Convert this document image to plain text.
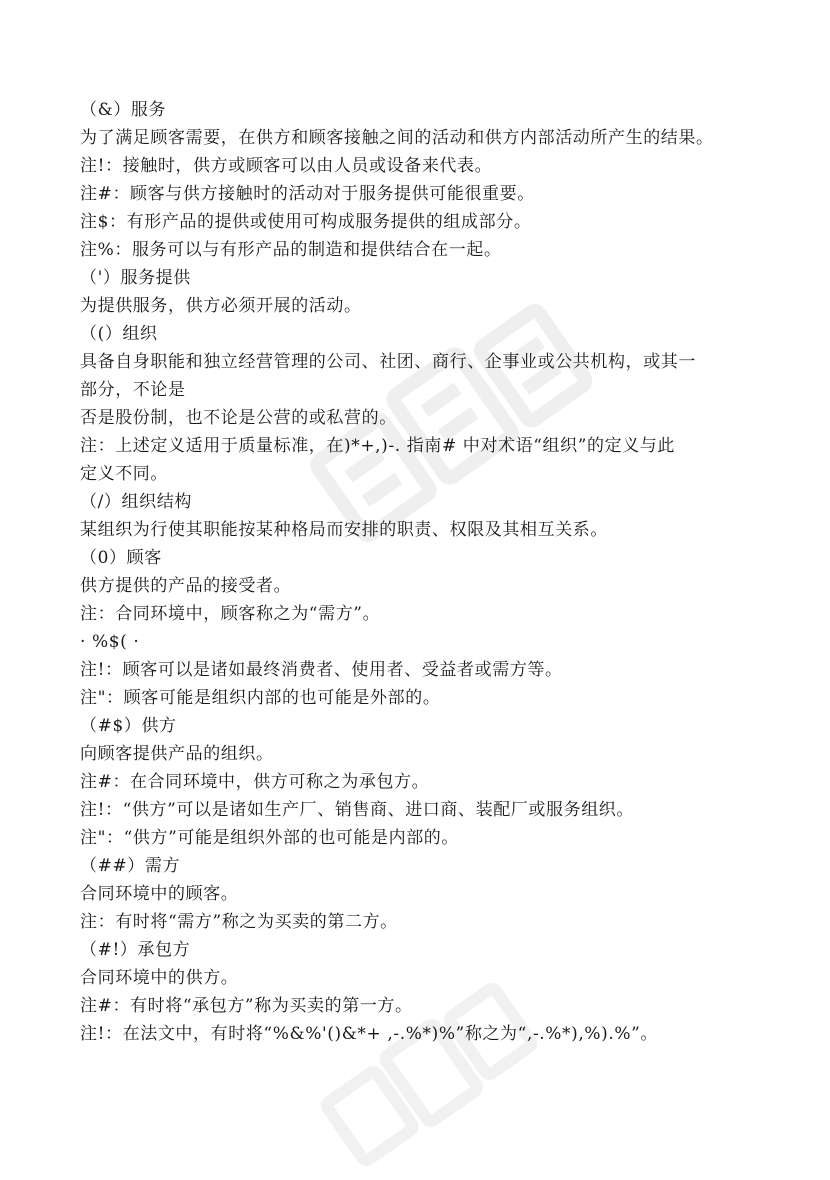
（&）服务
为了满足顾客需要，在供方和顾客接触之间的活动和供方内部活动所产生的结果。
注!：接触时，供方或顾客可以由人员或设备来代表。
注#：顾客与供方接触时的活动对于服务提供可能很重要。
注$：有形产品的提供或使用可构成服务提供的组成部分。
注%：服务可以与有形产品的制造和提供结合在一起。
（'）服务提供
为提供服务，供方必须开展的活动。
（(）组织
具备自身职能和独立经营管理的公司、社团、商行、企事业或公共机构，或其一
部分，不论是
否是股份制，也不论是公营的或私营的。
注：上述定义适用于质量标准，在)*+,)-. 指南# 中对术语“组织”的定义与此
定义不同。
（/）组织结构
某组织为行使其职能按某种格局而安排的职责、权限及其相互关系。
（0）顾客
供方提供的产品的接受者。
注：合同环境中，顾客称之为“需方”。
· %$( ·
注!：顾客可以是诸如最终消费者、使用者、受益者或需方等。
注"：顾客可能是组织内部的也可能是外部的。
（#$）供方
向顾客提供产品的组织。
注#：在合同环境中，供方可称之为承包方。
注!：“供方”可以是诸如生产厂、销售商、进口商、装配厂或服务组织。
注"：“供方”可能是组织外部的也可能是内部的。
（##）需方
合同环境中的顾客。
注：有时将“需方”称之为买卖的第二方。
（#!）承包方
合同环境中的供方。
注#：有时将“承包方”称为买卖的第一方。
注!：在法文中，有时将“%&%'()&*+ ,-.%*)%”称之为“,-.%*),%).%”。
